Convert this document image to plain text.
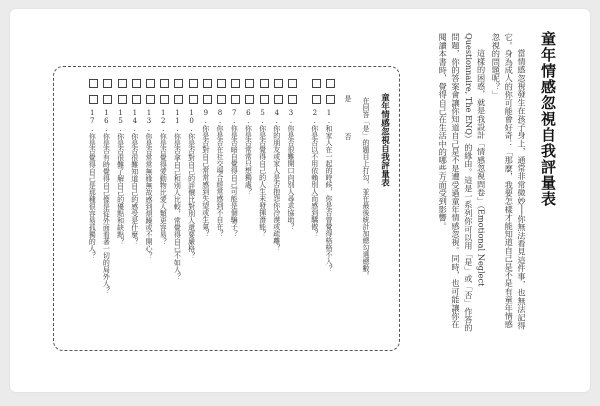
童年情感忽視自我評量表

當情感忽視發生在孩子身上，通常非常微妙──你無法看見這件事，也無法記得它。身為成人的你可能會好奇：「那麼，我要怎樣才能知道自己是不是有童年情感忽視的問題呢？」

這樣的困惑，就是我設計「情感忽視問卷」（Emotional Neglect Questionnaire, The ENQ）的緣由。這是一系列你可以用「是」或「否」作答的問題，你的答案會讓你知道自己是不是遭受過童年情感忽視。同時，也可能讓你在閱讀本書時，覺得自己在生活中的哪些方面受到影響。

童年情感忽視自我評量表
在回答「是」的題目上打勾，並在最後統計加總勾選總數。
是
否
1.和家人在一起的時候，你是否曾覺得格格不入？
2.你是否以不用依賴別人而感到驕傲？
3.你是否很難開口向別人尋求協助？
4.你的朋友或家人是否抱怨你冷漠或疏離？
5.你是否覺得自己的人生未發揮潛能？
6.你是否常常只想獨處？
7.你是否暗自覺得自己可能是個騙子？
8.你是否在社交場合經常感到不自在？
9.你是否對自己常常感到失望或生氣？
10.你是否對自己的評價比對別人還要嚴格？
11.你是否拿自己和別人比較，常覺得自己不如人？
12.你是否覺得愛動物比愛人類更容易？
13.你是否常常無緣無故感到煩躁或不開心？
14.你是否很難知道自己的感受是什麼？
15.你是否很難了解自己的優點和缺點？
16.你是否有時覺得自己像是從外面看著一切的局外人？
17.你是否覺得自己是那種很容易孤獨的人？
